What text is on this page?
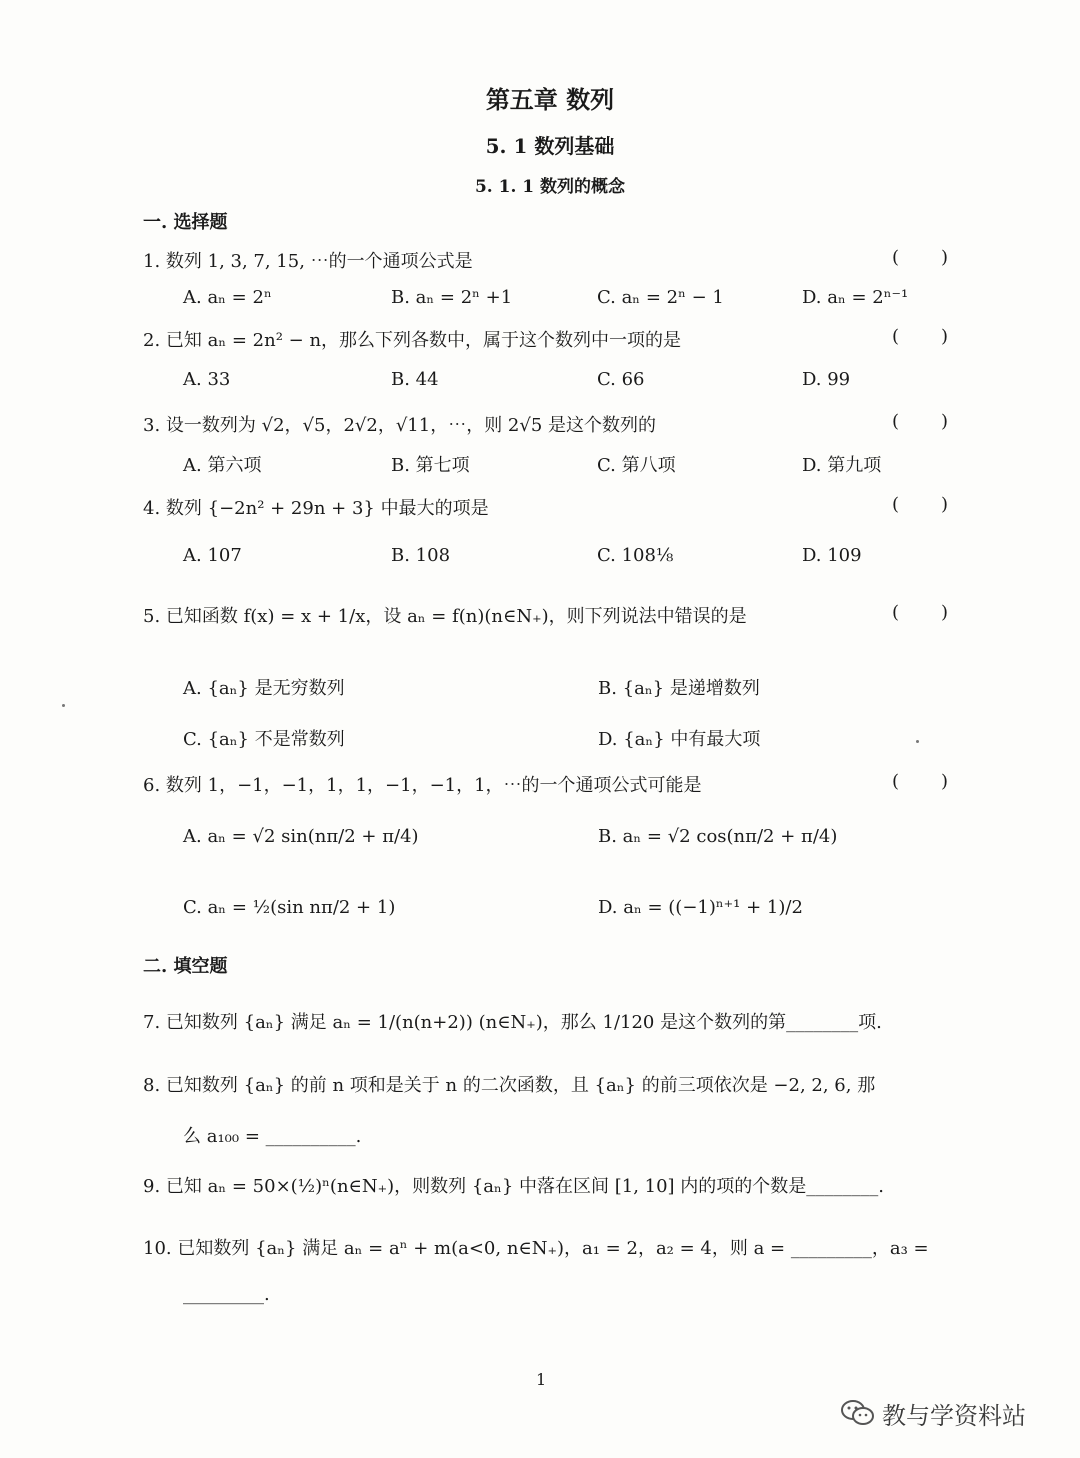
第五章 数列
5. 1 数列基础
5. 1. 1 数列的概念
一. 选择题
1. 数列 1, 3, 7, 15, ⋯的一个通项公式是	( )
A. aₙ = 2ⁿ	B. aₙ = 2ⁿ +1	C. aₙ = 2ⁿ − 1	D. aₙ = 2ⁿ⁻¹
2. 已知 aₙ = 2n² − n，那么下列各数中，属于这个数列中一项的是	( )
A. 33	B. 44	C. 66	D. 99
3. 设一数列为 √2，√5，2√2，√11，⋯，则 2√5 是这个数列的	( )
A. 第六项	B. 第七项	C. 第八项	D. 第九项
4. 数列 {−2n² + 29n + 3} 中最大的项是	( )
A. 107	B. 108	C. 108⅛	D. 109
5. 已知函数 f(x) = x + 1/x，设 aₙ = f(n)(n∈N₊)，则下列说法中错误的是	( )
A. {aₙ} 是无穷数列	B. {aₙ} 是递增数列
C. {aₙ} 不是常数列	D. {aₙ} 中有最大项
6. 数列 1，−1，−1，1，1，−1，−1，1，⋯的一个通项公式可能是	( )
A. aₙ = √2 sin(nπ/2 + π/4)	B. aₙ = √2 cos(nπ/2 + π/4)
C. aₙ = ½(sin nπ/2 + 1)	D. aₙ = ((−1)ⁿ⁺¹ + 1)/2
二. 填空题
7. 已知数列 {aₙ} 满足 aₙ = 1/(n(n+2)) (n∈N₊)，那么 1/120 是这个数列的第________项.
8. 已知数列 {aₙ} 的前 n 项和是关于 n 的二次函数，且 {aₙ} 的前三项依次是 −2, 2, 6, 那
么 a₁₀₀ = __________.
9. 已知 aₙ = 50×(½)ⁿ(n∈N₊)，则数列 {aₙ} 中落在区间 [1, 10] 内的项的个数是________.
10. 已知数列 {aₙ} 满足 aₙ = aⁿ + m(a<0, n∈N₊)，a₁ = 2，a₂ = 4，则 a = _________，a₃ =
_________.
1
教与学资料站
